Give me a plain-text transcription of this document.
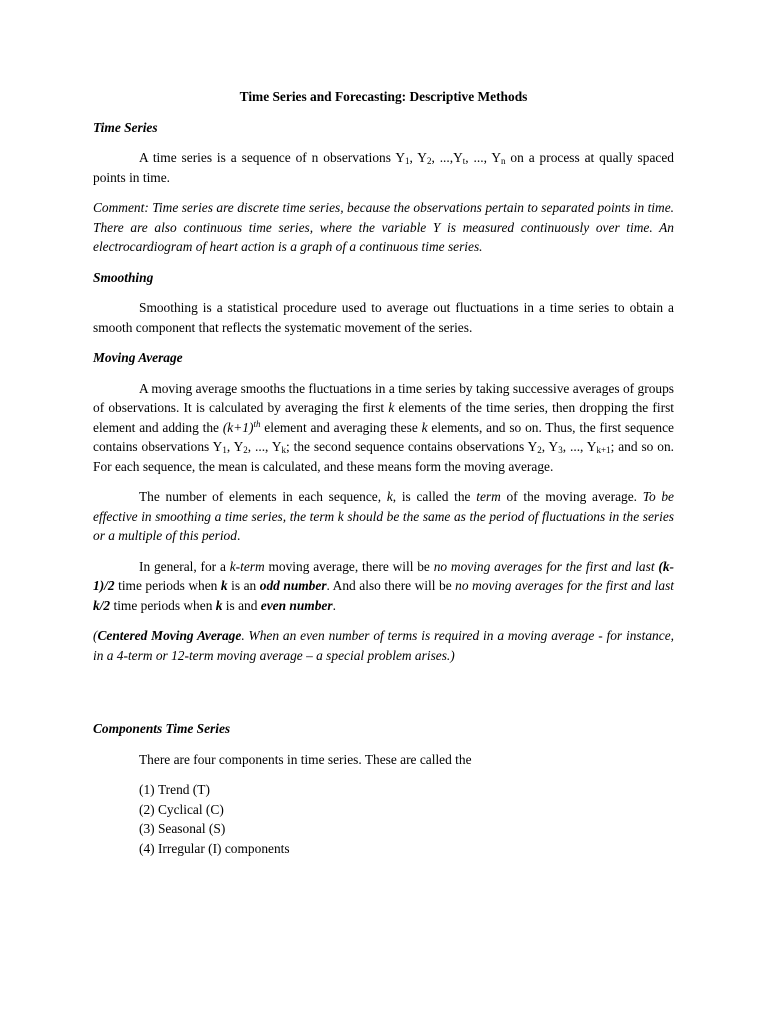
Time Series and Forecasting: Descriptive Methods
Time Series

A time series is a sequence of n observations $Y_1$, $Y_2$, $...,Y_t$, ..., $Y_n$ on a process at qually spaced points in time.

Comment: Time series are discrete time series, because the observations pertain to separated points in time. There are also continuous time series, where the variable Y is measured continuously over time. An electrocardiogram of heart action is a graph of a continuous time series.

Smoothing

Smoothing is a statistical procedure used to average out fluctuations in a time series to obtain a smooth component that reflects the systematic movement of the series.

Moving Average

A moving average smooths the fluctuations in a time series by taking successive averages of groups of observations. It is calculated by averaging the first k elements of the time series, then dropping the first element and adding the $(k+1)^{th}$ element and averaging these k elements, and so on. Thus, the first sequence contains observations $Y_1$, $Y_2$, ..., $Y_k$; the second sequence contains observations $Y_2$, $Y_3$, ..., $Y_{k+1}$; and so on. For each sequence, the mean is calculated, and these means form the moving average.

The number of elements in each sequence, k, is called the term of the moving average. To be effective in smoothing a time series, the term k should be the same as the period of fluctuations in the series or a multiple of this period.

In general, for a k-term moving average, there will be no moving averages for the first and last (k-1)/2 time periods when k is an odd number. And also there will be no moving averages for the first and last k/2 time periods when k is and even number.

(Centered Moving Average. When an even number of terms is required in a moving average - for instance, in a 4-term or 12-term moving average – a special problem arises.)

Components Time Series

There are four components in time series. These are called the

(1) Trend (T)
(2) Cyclical (C)
(3) Seasonal (S)
(4) Irregular (I) components
